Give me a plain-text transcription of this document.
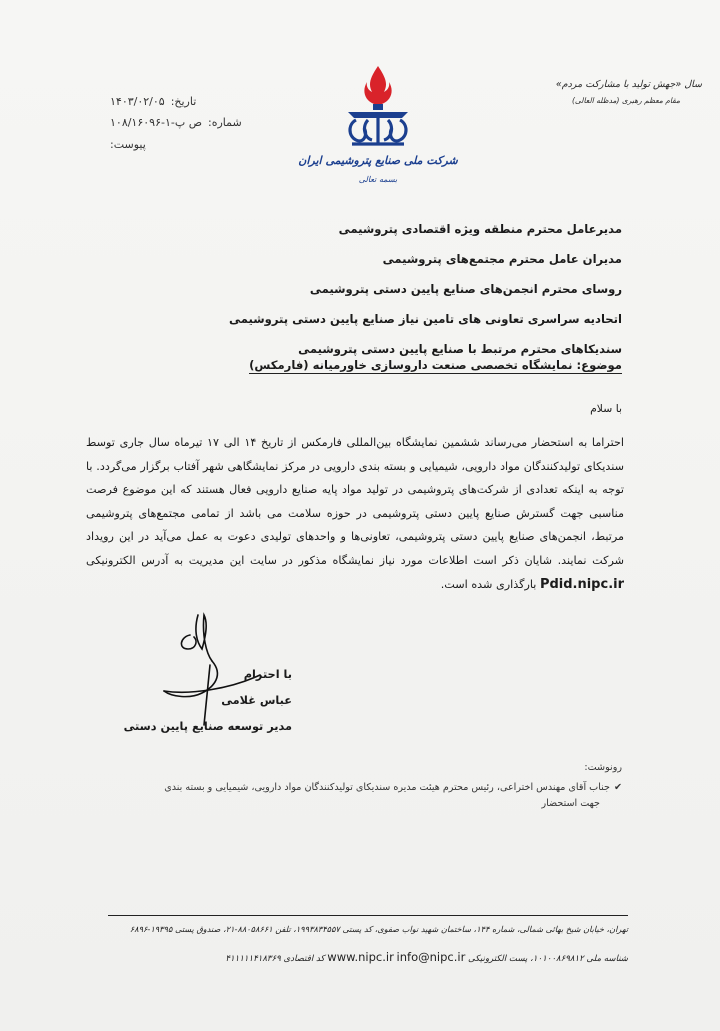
سال «جهش تولید با مشارکت مردم»
مقام معظم رهبری (مدظله العالی)
شرکت ملی صنایع پتروشیمی ایران
بسمه تعالی
تاریخ:
۱۴۰۳/۰۲/۰۵
شماره:
ص پ-۱-۱۰۸/۱۶۰۹۶
پیوست:
مدیرعامل محترم منطقه ویژه اقتصادی پتروشیمی
مدیران عامل محترم مجتمع‌های پتروشیمی
روسای محترم انجمن‌های صنایع پایین دستی پتروشیمی
اتحادیه سراسری تعاونی های تامین نیاز صنایع پایین دستی پتروشیمی
سندیکاهای محترم مرتبط با صنایع پایین دستی پتروشیمی
موضوع: نمایشگاه تخصصی صنعت داروسازی خاورمیانه (فارمکس)
با سلام
احتراما به استحضار می‌رساند ششمین نمایشگاه بین‌المللی فارمکس از تاریخ ۱۴ الی ۱۷ تیرماه سال جاری توسط سندیکای تولیدکنندگان مواد دارویی، شیمیایی و بسته بندی دارویی در مرکز نمایشگاهی شهر آفتاب برگزار می‌گردد. با توجه به اینکه تعدادی از شرکت‌های پتروشیمی در تولید مواد پایه صنایع دارویی فعال هستند که این موضوع فرصت مناسبی جهت گسترش صنایع پایین دستی پتروشیمی در حوزه سلامت می باشد از تمامی مجتمع‌های پتروشیمی مرتبط، انجمن‌های صنایع پایین دستی پتروشیمی، تعاونی‌ها و واحدهای تولیدی دعوت به عمل می‌آید در این رویداد شرکت نمایند. شایان ذکر است اطلاعات مورد نیاز نمایشگاه مذکور در سایت این مدیریت به آدرس الکترونیکی Pdid.nipc.ir بارگذاری شده است.
با احترام
عباس غلامی
مدیر توسعه صنایع پایین دستی
رونوشت:
✔جناب آقای مهندس اختراعی، رئیس محترم هیئت مدیره سندیکای تولیدکنندگان مواد دارویی، شیمیایی و بسته بندی
جهت استحضار
تهران، خیابان شیخ بهائی شمالی، شماره ۱۴۴، ساختمان شهید نواب صفوی، کد پستی ۱۹۹۳۸۳۴۵۵۷، تلفن ۸۸۰۵۸۶۶۱-۲۱، صندوق پستی ۱۹۳۹۵-۶۸۹۶
شناسه ملی ۱۰۱۰۰۸۶۹۸۱۲، پست الکترونیکی info@nipc.ir www.nipc.ir کد اقتصادی ۴۱۱۱۱۱۴۱۸۳۶۹
